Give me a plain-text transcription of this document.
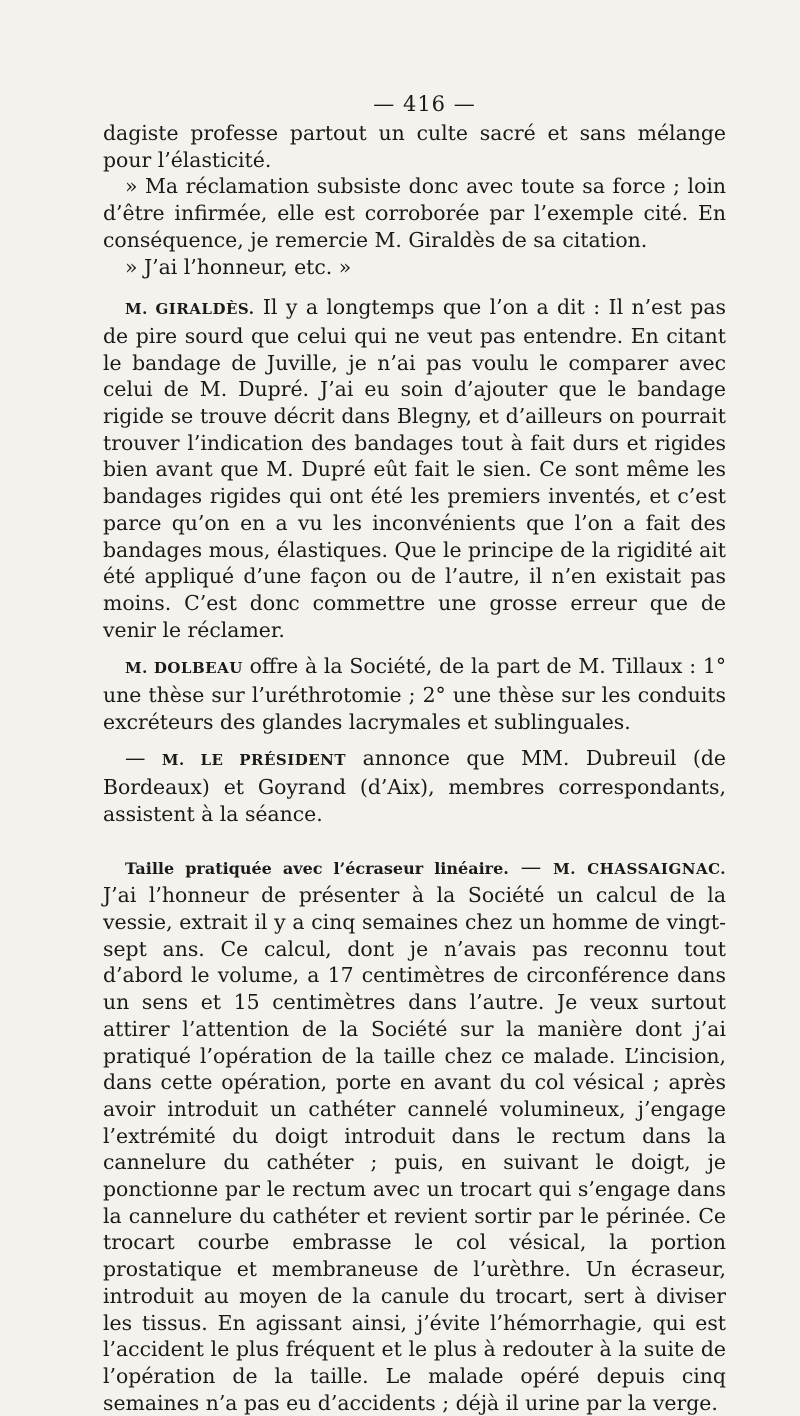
— 416 —

dagiste professe partout un culte sacré et sans mélange pour l’élasticité.

» Ma réclamation subsiste donc avec toute sa force ; loin d’être infirmée, elle est corroborée par l’exemple cité. En conséquence, je remercie M. Giraldès de sa citation.

» J’ai l’honneur, etc. »

M. GIRALDÈS. Il y a longtemps que l’on a dit : Il n’est pas de pire sourd que celui qui ne veut pas entendre. En citant le bandage de Juville, je n’ai pas voulu le comparer avec celui de M. Dupré. J’ai eu soin d’ajouter que le bandage rigide se trouve décrit dans Blegny, et d’ailleurs on pourrait trouver l’indication des bandages tout à fait durs et rigides bien avant que M. Dupré eût fait le sien. Ce sont même les bandages rigides qui ont été les premiers inventés, et c’est parce qu’on en a vu les inconvénients que l’on a fait des bandages mous, élastiques. Que le principe de la rigidité ait été appliqué d’une façon ou de l’autre, il n’en existait pas moins. C’est donc commettre une grosse erreur que de venir le réclamer.

M. DOLBEAU offre à la Société, de la part de M. Tillaux : 1° une thèse sur l’uréthrotomie ; 2° une thèse sur les conduits excréteurs des glandes lacrymales et sublinguales.

— M. LE PRÉSIDENT annonce que MM. Dubreuil (de Bordeaux) et Goyrand (d’Aix), membres correspondants, assistent à la séance.

Taille pratiquée avec l’écraseur linéaire. — M. CHASSAIGNAC. J’ai l’honneur de présenter à la Société un calcul de la vessie, extrait il y a cinq semaines chez un homme de vingt-sept ans. Ce calcul, dont je n’avais pas reconnu tout d’abord le volume, a 17 centimètres de circonférence dans un sens et 15 centimètres dans l’autre. Je veux surtout attirer l’attention de la Société sur la manière dont j’ai pratiqué l’opération de la taille chez ce malade. L’incision, dans cette opération, porte en avant du col vésical ; après avoir introduit un cathéter cannelé volumineux, j’engage l’extrémité du doigt introduit dans le rectum dans la cannelure du cathéter ; puis, en suivant le doigt, je ponctionne par le rectum avec un trocart qui s’engage dans la cannelure du cathéter et revient sortir par le périnée. Ce trocart courbe embrasse le col vésical, la portion prostatique et membraneuse de l’urèthre. Un écraseur, introduit au moyen de la canule du trocart, sert à diviser les tissus. En agissant ainsi, j’évite l’hémorrhagie, qui est l’accident le plus fréquent et le plus à redouter à la suite de l’opération de la taille. Le malade opéré depuis cinq semaines n’a pas eu d’accidents ; déjà il urine par la verge.
